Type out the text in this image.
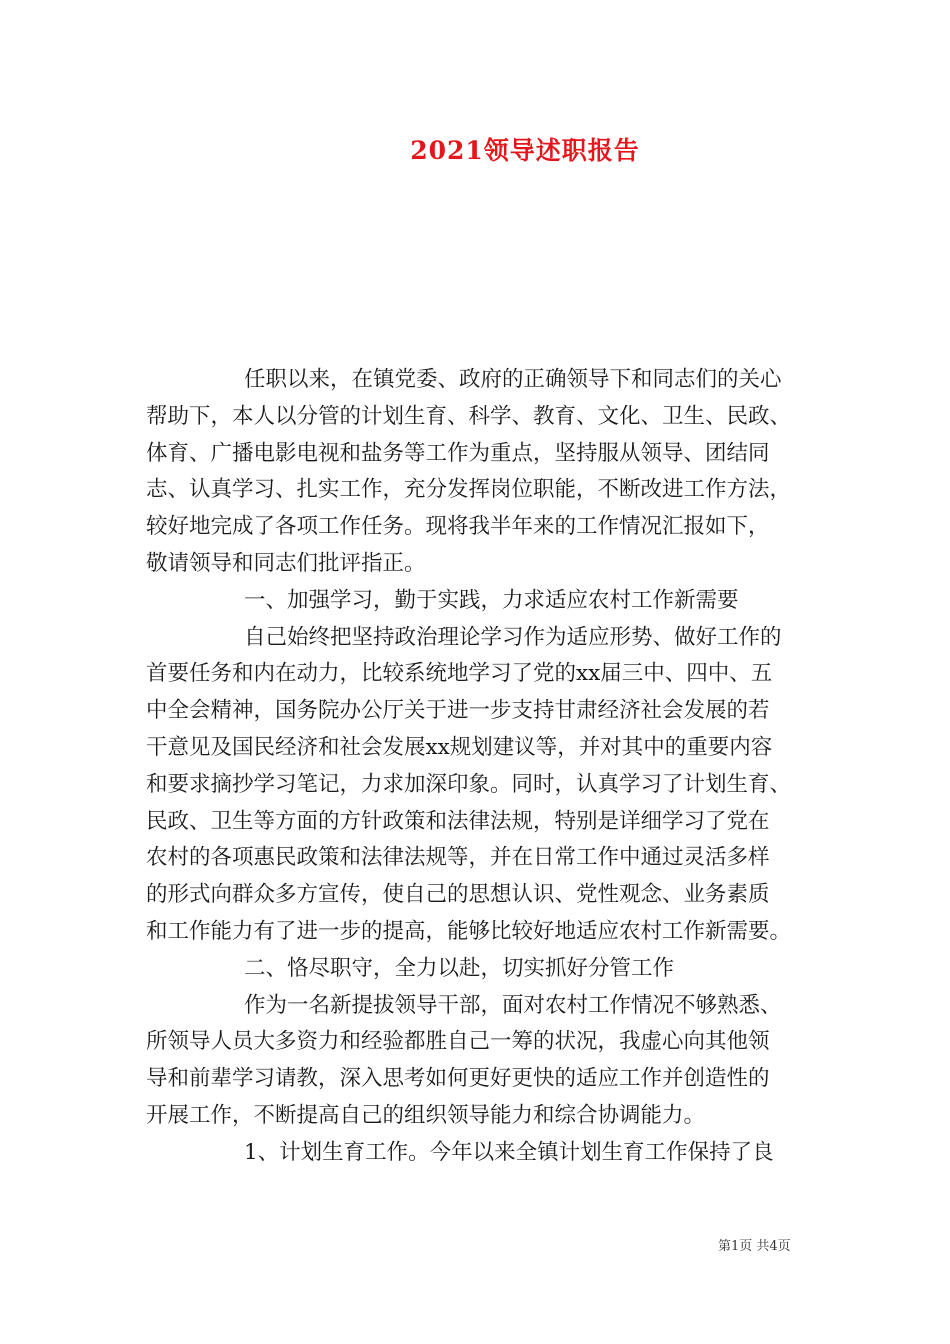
2021领导述职报告
任职以来，在镇党委、政府的正确领导下和同志们的关心
帮助下，本人以分管的计划生育、科学、教育、文化、卫生、民政、
体育、广播电影电视和盐务等工作为重点，坚持服从领导、团结同
志、认真学习、扎实工作，充分发挥岗位职能，不断改进工作方法，
较好地完成了各项工作任务。现将我半年来的工作情况汇报如下，
敬请领导和同志们批评指正。
一、加强学习，勤于实践，力求适应农村工作新需要
自己始终把坚持政治理论学习作为适应形势、做好工作的
首要任务和内在动力，比较系统地学习了党的xx届三中、四中、五
中全会精神，国务院办公厅关于进一步支持甘肃经济社会发展的若
干意见及国民经济和社会发展xx规划建议等，并对其中的重要内容
和要求摘抄学习笔记，力求加深印象。同时，认真学习了计划生育、
民政、卫生等方面的方针政策和法律法规，特别是详细学习了党在
农村的各项惠民政策和法律法规等，并在日常工作中通过灵活多样
的形式向群众多方宣传，使自己的思想认识、党性观念、业务素质
和工作能力有了进一步的提高，能够比较好地适应农村工作新需要。
二、恪尽职守，全力以赴，切实抓好分管工作
作为一名新提拔领导干部，面对农村工作情况不够熟悉、
所领导人员大多资力和经验都胜自己一筹的状况，我虚心向其他领
导和前辈学习请教，深入思考如何更好更快的适应工作并创造性的
开展工作，不断提高自己的组织领导能力和综合协调能力。
1、计划生育工作。今年以来全镇计划生育工作保持了良
第1页 共4页
